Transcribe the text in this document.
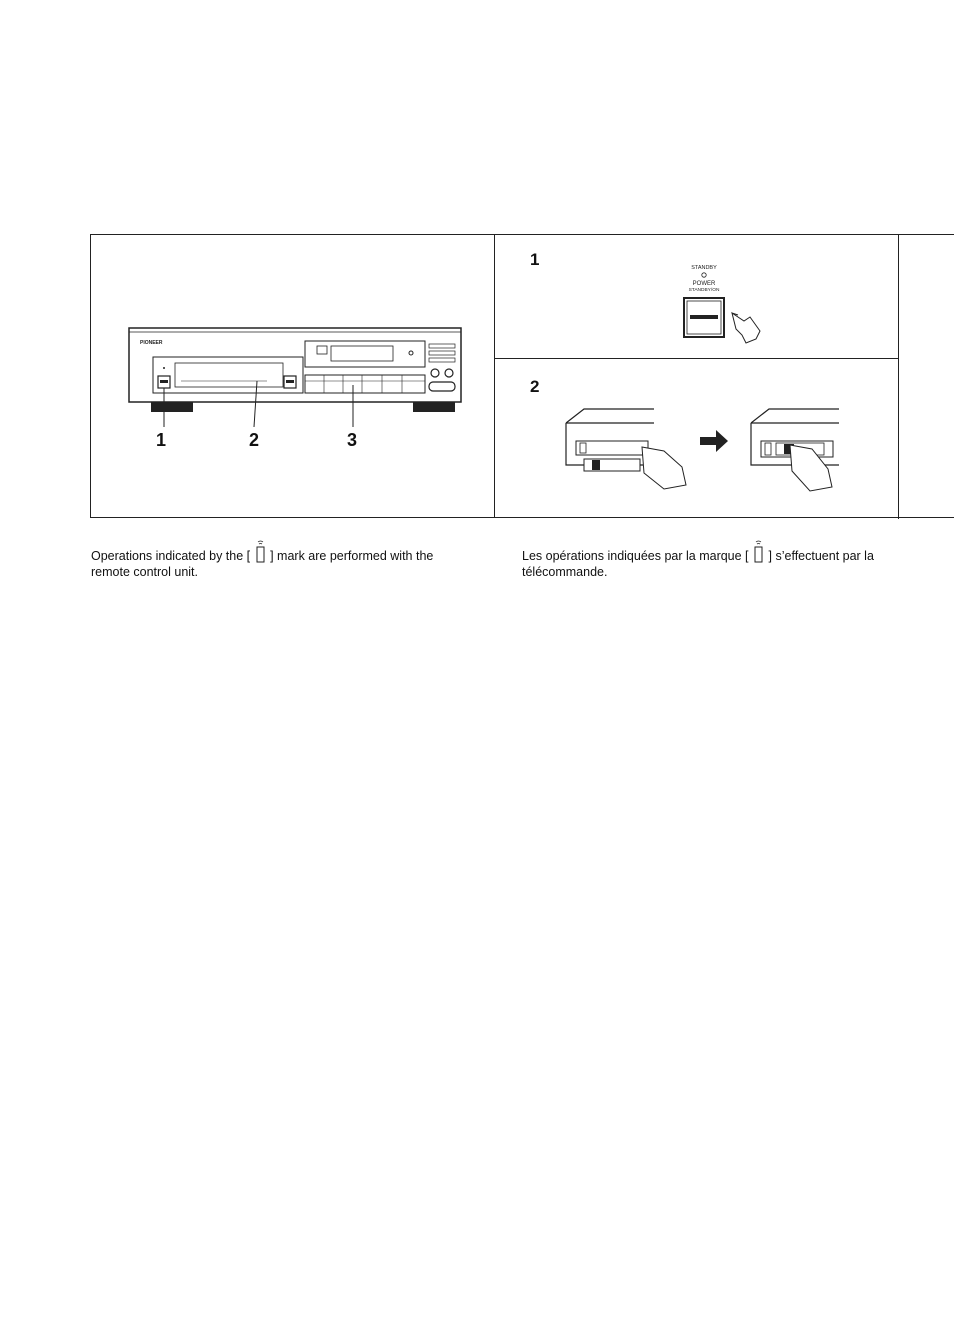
PIONEER
1	2	3
1	STANDBY
POWER
STANDBY/ON
2
Operations indicated by the [ ] mark are performed with the
remote control unit.
Les opérations indiquées par la marque [ ] s’effectuent par la
télécommande.
